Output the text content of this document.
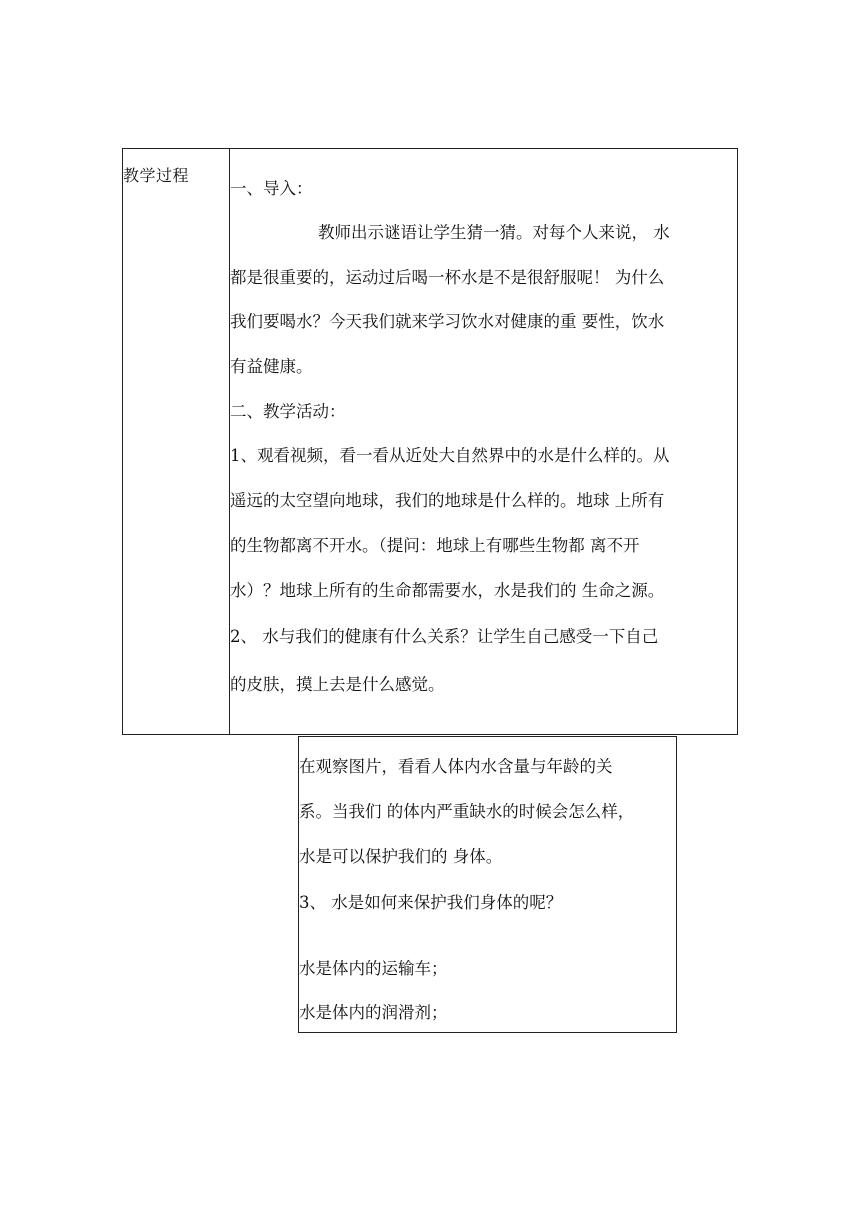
教学过程
一、导入：
教师出示谜语让学生猜一猜。对每个人来说， 水
都是很重要的，运动过后喝一杯水是不是很舒服呢！ 为什么
我们要喝水？今天我们就来学习饮水对健康的重 要性，饮水
有益健康。
二、教学活动：
1、观看视频，看一看从近处大自然界中的水是什么样的。从
遥远的太空望向地球，我们的地球是什么样的。地球 上所有
的生物都离不开水。（提问：地球上有哪些生物都 离不开
水）？地球上所有的生命都需要水，水是我们的 生命之源。
2、 水与我们的健康有什么关系？让学生自己感受一下自己
的皮肤，摸上去是什么感觉。
在观察图片，看看人体内水含量与年龄的关
系。当我们 的体内严重缺水的时候会怎么样，
水是可以保护我们的 身体。
3、 水是如何来保护我们身体的呢？
水是体内的运输车；
水是体内的润滑剂；
